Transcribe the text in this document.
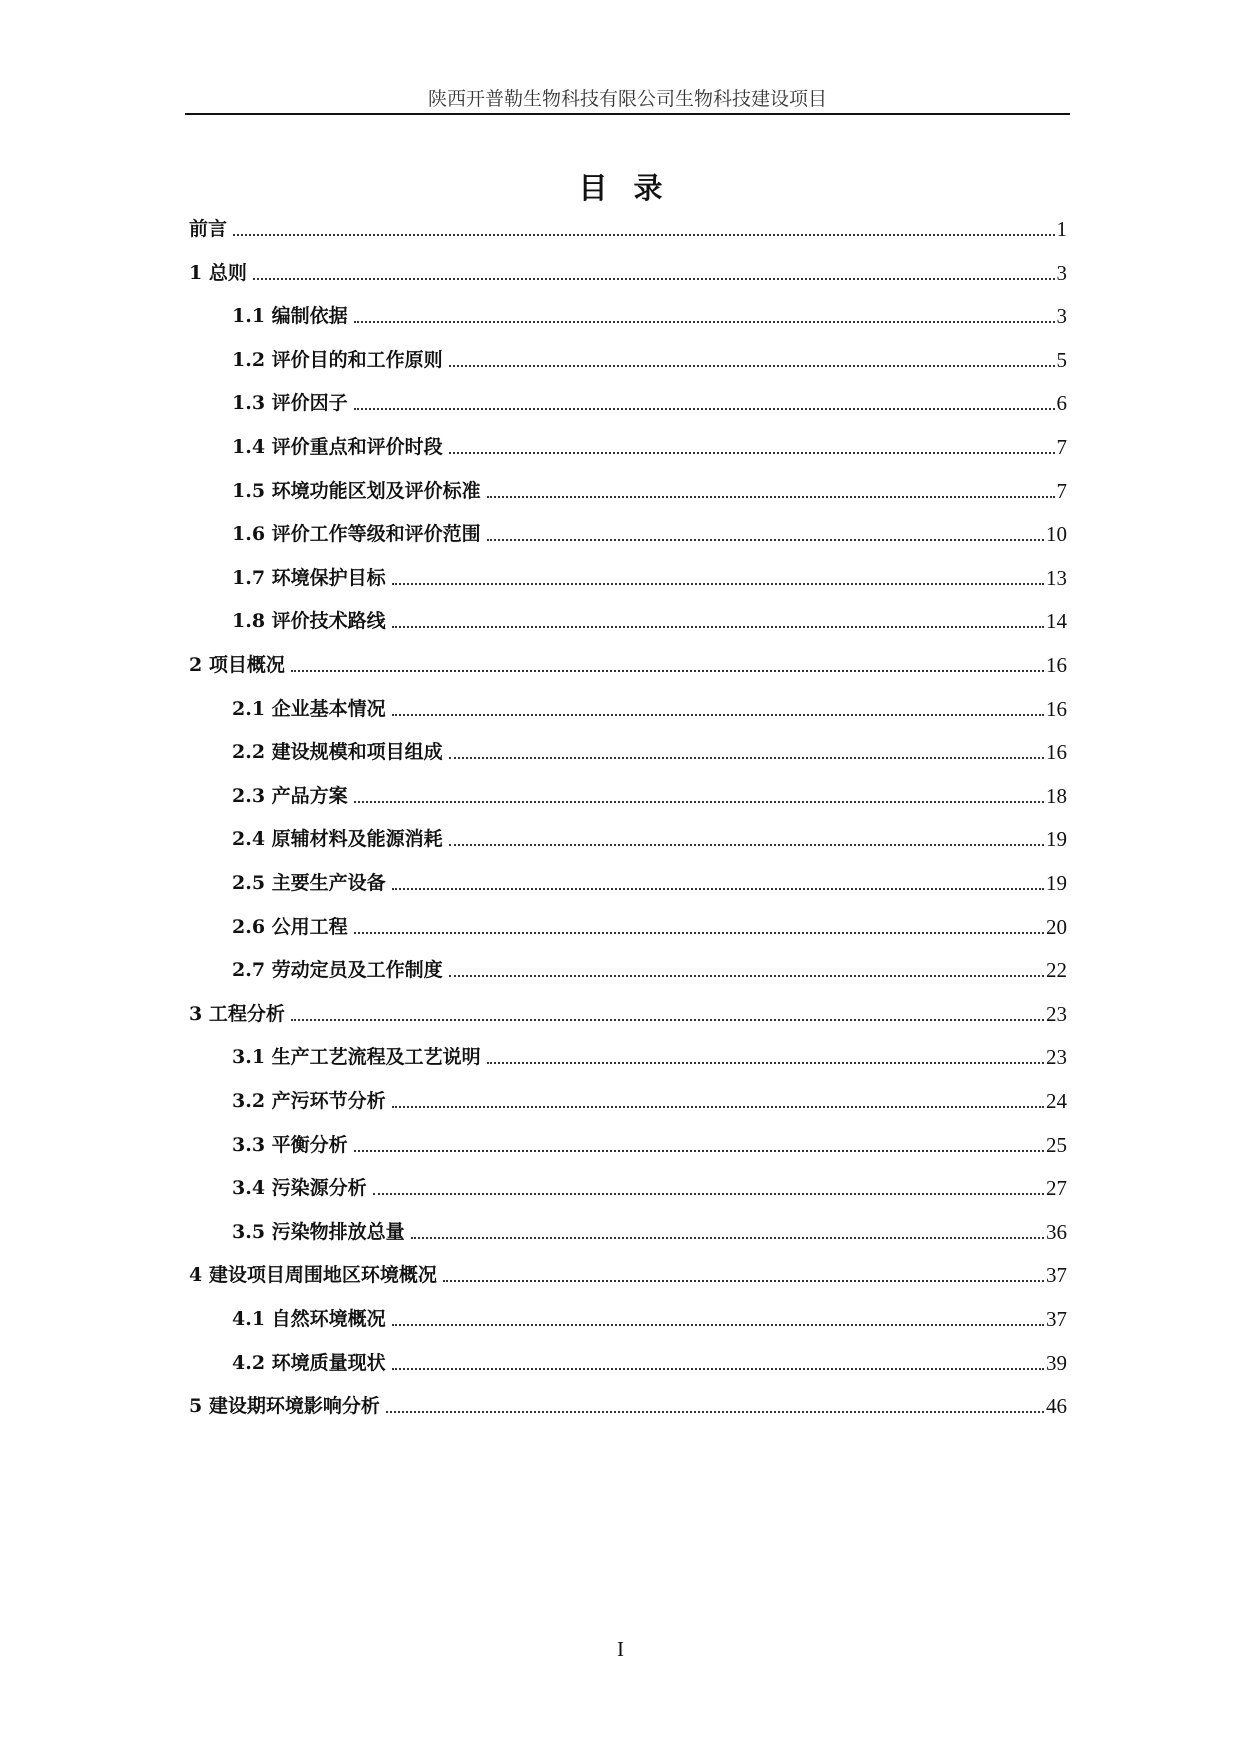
陕西开普勒生物科技有限公司生物科技建设项目
目录
前言	1
1 总则	3
1.1 编制依据	3
1.2 评价目的和工作原则	5
1.3 评价因子	6
1.4 评价重点和评价时段	7
1.5 环境功能区划及评价标准	7
1.6 评价工作等级和评价范围	10
1.7 环境保护目标	13
1.8 评价技术路线	14
2 项目概况	16
2.1 企业基本情况	16
2.2 建设规模和项目组成	16
2.3 产品方案	18
2.4 原辅材料及能源消耗	19
2.5 主要生产设备	19
2.6 公用工程	20
2.7 劳动定员及工作制度	22
3 工程分析	23
3.1 生产工艺流程及工艺说明	23
3.2 产污环节分析	24
3.3 平衡分析	25
3.4 污染源分析	27
3.5 污染物排放总量	36
4 建设项目周围地区环境概况	37
4.1 自然环境概况	37
4.2 环境质量现状	39
5 建设期环境影响分析	46
I
